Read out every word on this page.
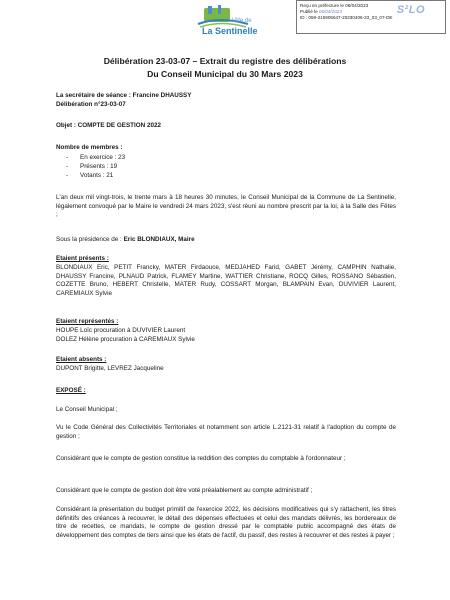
Ville de
La Sentinelle
Reçu en préfecture le 06/04/2023
Publié le 06/04/2023
ID : 059-215905647-20230406-23_03_07-DE
S²LO
Délibération 23-03-07 – Extrait du registre des délibérations
Du Conseil Municipal du 30 Mars 2023
La secrétaire de séance : Francine DHAUSSY
Délibération n°23-03-07
Objet : COMPTE DE GESTION 2022
Nombre de membres :
- En exercice : 23
- Présents : 19
- Votants : 21
L'an deux mil vingt-trois, le trente mars à 18 heures 30 minutes, le Conseil Municipal de la Commune de La Sentinelle, légalement convoqué par le Maire le vendredi 24 mars 2023, s'est réuni au nombre prescrit par la loi, à la Salle des Fêtes ;
Sous la présidence de : Eric BLONDIAUX, Maire
Etaient présents :
BLONDIAUX Eric, PETIT Francky, MATER Firdaouce, MEDJAHED Farid, GABET Jérémy, CAMPHIN Nathalie, DHAUSSY Francine, PLNAUD Patrick, FLAMEY Martine, WATTIER Christiane, ROCQ Gilles, ROSSANO Sébastien, COZETTE Bruno, HEBERT Christelle, MATER Rudy, COSSART Morgan, BLAMPAIN Evan, DUVIVIER Laurent, CAREMIAUX Sylvie
Etaient représentés :
HOUPE Loïc procuration à DUVIVIER Laurent
DOLEZ Hélène procuration à CAREMIAUX Sylvie
Etaient absents :
DUPONT Brigitte, LEVREZ Jacqueline
EXPOSÉ :
Le Conseil Municipal ;
Vu le Code Général des Collectivités Territoriales et notamment son article L.2121-31 relatif à l'adoption du compte de gestion ;
Considérant que le compte de gestion constitue la reddition des comptes du comptable à l'ordonnateur ;
Considérant que le compte de gestion doit être voté préalablement au compte administratif ;
Considérant la présentation du budget primitif de l'exercice 2022, les décisions modificatives qui s'y rattachent, les titres définitifs des créances à recouvrer, le détail des dépenses effectuées et celui des mandats délivrés, les bordereaux de titre de recettes, ce mandats, le compte de gestion dressé par le comptable public accompagné des états de développement des comptes de tiers ainsi que les états de l'actif, du passif, des restes à recouvrer et des restes à payer ;
